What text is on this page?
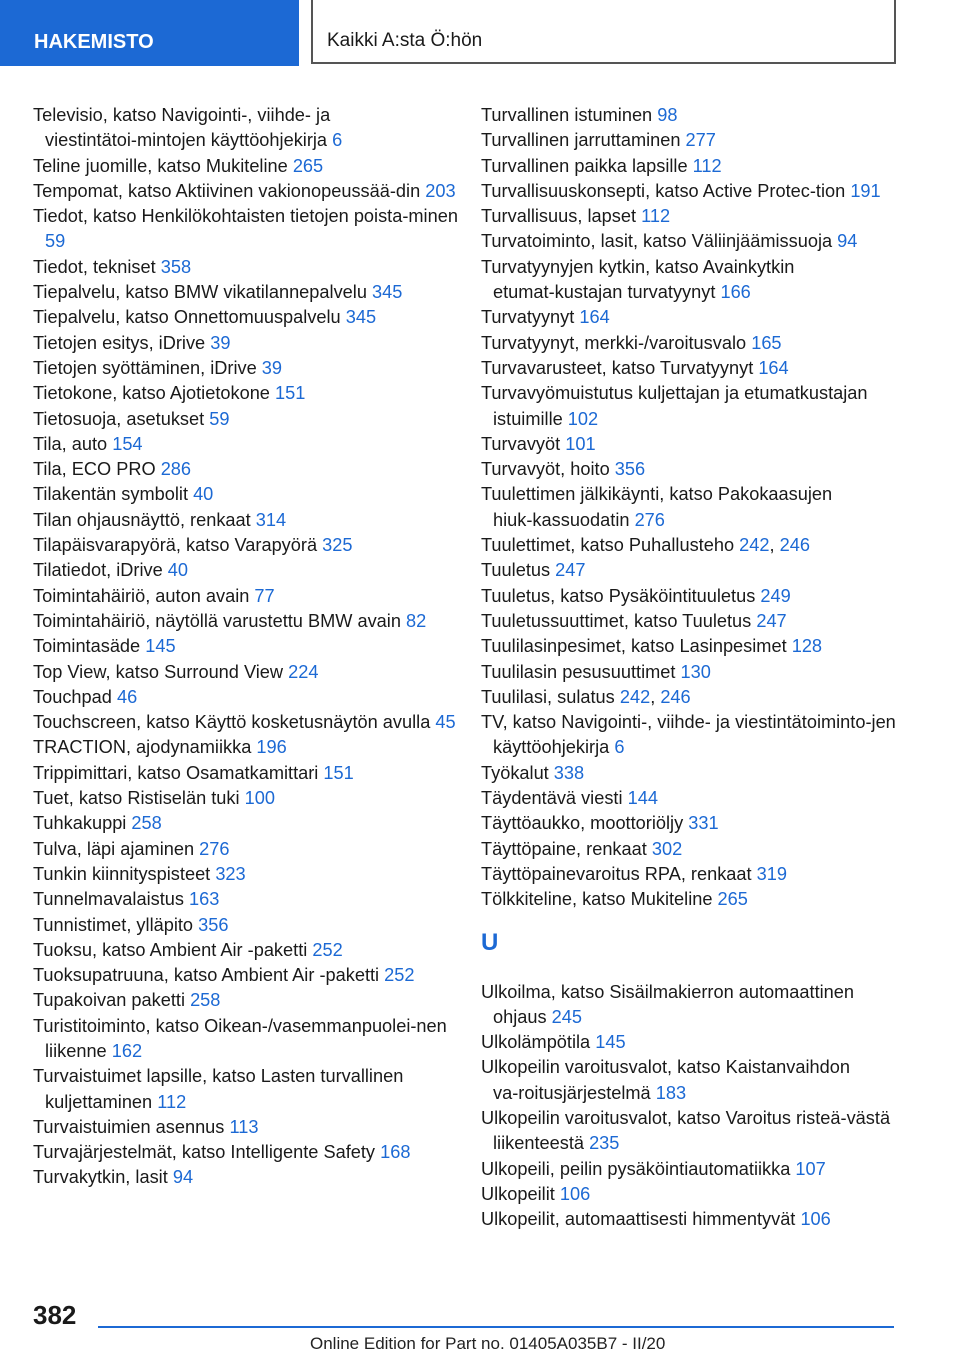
HAKEMISTO	Kaikki A:sta Ö:hön
Televisio, katso Navigointi-, viihde- ja viestintätoi‑mintojen käyttöohjekirja 6
Teline juomille, katso Mukiteline 265
Tempomat, katso Aktiivinen vakionopeussää‑din 203
Tiedot, katso Henkilökohtaisten tietojen poista‑minen 59
Tiedot, tekniset 358
Tiepalvelu, katso BMW vikatilannepalvelu 345
Tiepalvelu, katso Onnettomuuspalvelu 345
Tietojen esitys, iDrive 39
Tietojen syöttäminen, iDrive 39
Tietokone, katso Ajotietokone 151
Tietosuoja, asetukset 59
Tila, auto 154
Tila, ECO PRO 286
Tilakentän symbolit 40
Tilan ohjausnäyttö, renkaat 314
Tilapäisvarapyörä, katso Varapyörä 325
Tilatiedot, iDrive 40
Toimintahäiriö, auton avain 77
Toimintahäiriö, näytöllä varustettu BMW avain 82
Toimintasäde 145
Top View, katso Surround View 224
Touchpad 46
Touchscreen, katso Käyttö kosketusnäytön avulla 45
TRACTION, ajodynamiikka 196
Trippimittari, katso Osamatkamittari 151
Tuet, katso Ristiselän tuki 100
Tuhkakuppi 258
Tulva, läpi ajaminen 276
Tunkin kiinnityspisteet 323
Tunnelmavalaistus 163
Tunnistimet, ylläpito 356
Tuoksu, katso Ambient Air -paketti 252
Tuoksupatruuna, katso Ambient Air -paketti 252
Tupakoivan paketti 258
Turistitoiminto, katso Oikean-/vasemmanpuolei‑nen liikenne 162
Turvaistuimet lapsille, katso Lasten turvallinen kuljettaminen 112
Turvaistuimien asennus 113
Turvajärjestelmät, katso Intelligente Safety 168
Turvakytkin, lasit 94
Turvallinen istuminen 98
Turvallinen jarruttaminen 277
Turvallinen paikka lapsille 112
Turvallisuuskonsepti, katso Active Protec‑tion 191
Turvallisuus, lapset 112
Turvatoiminto, lasit, katso Väliinjäämissuoja 94
Turvatyynyjen kytkin, katso Avainkytkin etumat‑kustajan turvatyynyt 166
Turvatyynyt 164
Turvatyynyt, merkki-/varoitusvalo 165
Turvavarusteet, katso Turvatyynyt 164
Turvavyömuistutus kuljettajan ja etumatkustajan istuimille 102
Turvavyöt 101
Turvavyöt, hoito 356
Tuulettimen jälkikäynti, katso Pakokaasujen hiuk‑kassuodatin 276
Tuulettimet, katso Puhallusteho 242, 246
Tuuletus 247
Tuuletus, katso Pysäköintituuletus 249
Tuuletussuuttimet, katso Tuuletus 247
Tuulilasinpesimet, katso Lasinpesimet 128
Tuulilasin pesusuuttimet 130
Tuulilasi, sulatus 242, 246
TV, katso Navigointi-, viihde- ja viestintätoiminto‑jen käyttöohjekirja 6
Työkalut 338
Täydentävä viesti 144
Täyttöaukko, moottoriöljy 331
Täyttöpaine, renkaat 302
Täyttöpainevaroitus RPA, renkaat 319
Tölkkiteline, katso Mukiteline 265
U
Ulkoilma, katso Sisäilmakierron automaattinen ohjaus 245
Ulkolämpötila 145
Ulkopeilin varoitusvalot, katso Kaistanvaihdon va‑roitusjärjestelmä 183
Ulkopeilin varoitusvalot, katso Varoitus risteä‑västä liikenteestä 235
Ulkopeili, peilin pysäköintiautomatiikka 107
Ulkopeilit 106
Ulkopeilit, automaattisesti himmentyvät 106
382
Online Edition for Part no. 01405A035B7 - II/20
